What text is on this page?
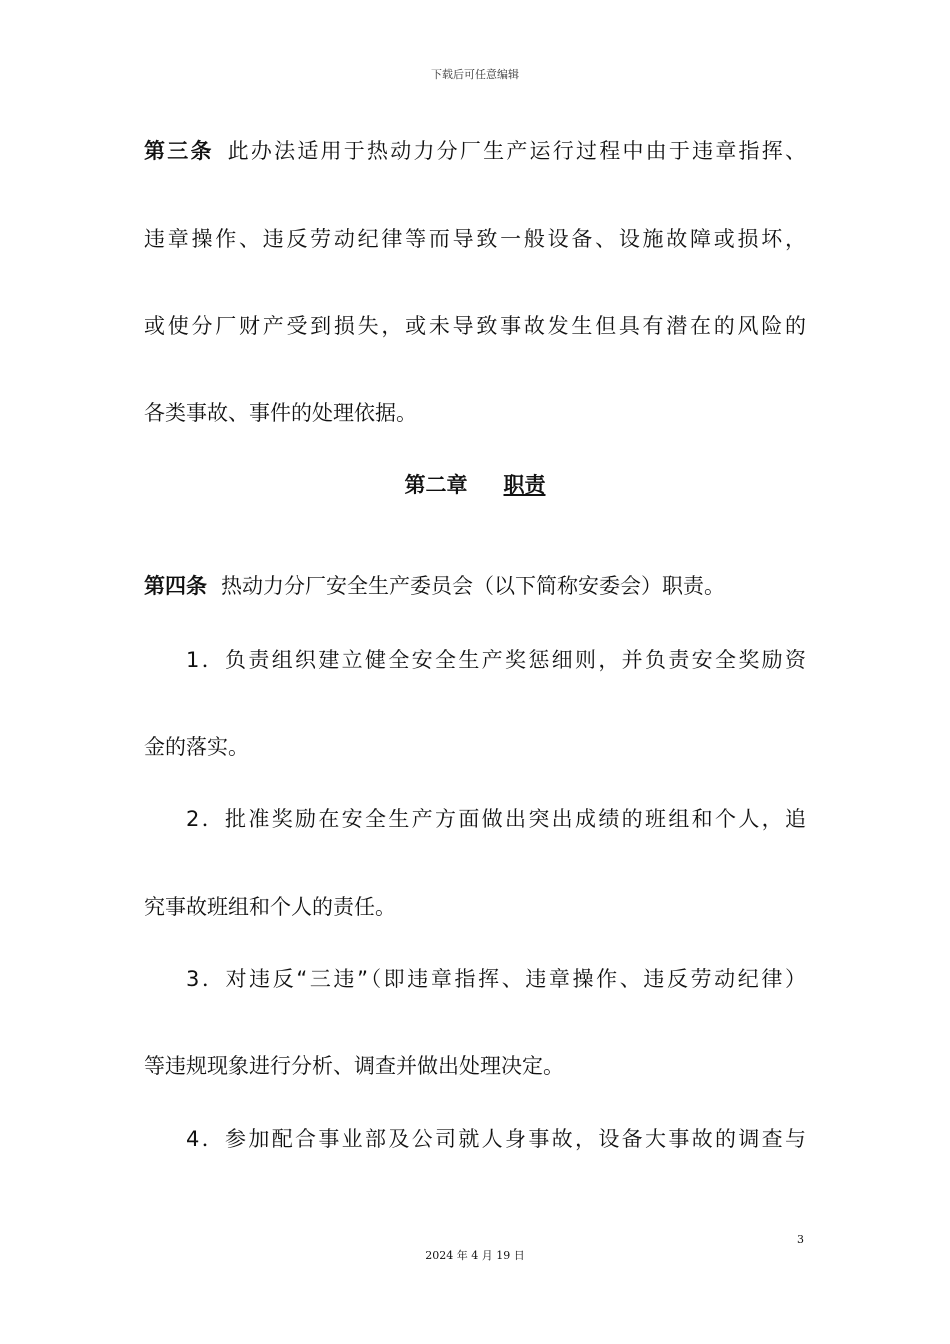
下载后可任意编辑
第三条 此办法适用于热动力分厂生产运行过程中由于违章指挥、
违章操作、违反劳动纪律等而导致一般设备、设施故障或损坏，
或使分厂财产受到损失，或未导致事故发生但具有潜在的风险的
各类事故、事件的处理依据。
第二章 职责
第四条 热动力分厂安全生产委员会（以下简称安委会）职责。
1．负责组织建立健全安全生产奖惩细则，并负责安全奖励资
金的落实。
2．批准奖励在安全生产方面做出突出成绩的班组和个人，追
究事故班组和个人的责任。
3．对违反“三违”（即违章指挥、违章操作、违反劳动纪律）
等违规现象进行分析、调查并做出处理决定。
4．参加配合事业部及公司就人身事故，设备大事故的调查与
3
2024 年 4 月 19 日
